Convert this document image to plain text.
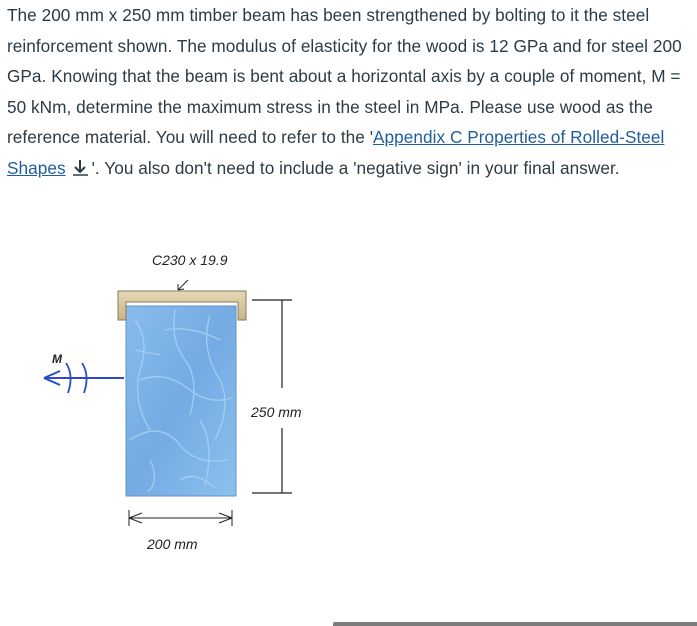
The 200 mm x 250 mm timber beam has been strengthened by bolting to it the steel reinforcement shown. The modulus of elasticity for the wood is 12 GPa and for steel 200 GPa. Knowing that the beam is bent about a horizontal axis by a couple of moment, M = 50 kNm, determine the maximum stress in the steel in MPa. Please use wood as the reference material. You will need to refer to the 'Appendix C Properties of Rolled-Steel Shapes '. You also don't need to include a 'negative sign' in your final answer.

C230 x 19.9
M
250 mm
200 mm
